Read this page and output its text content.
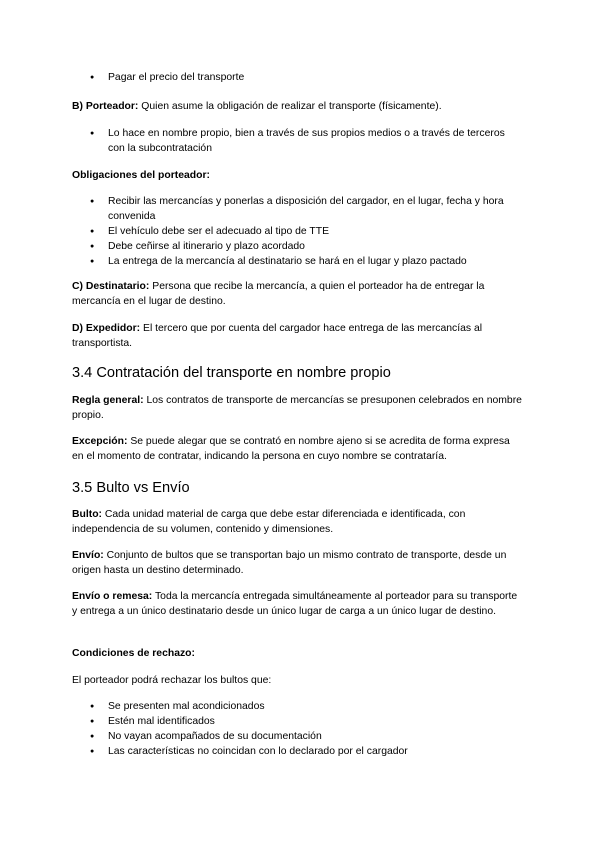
● Pagar el precio del transporte

B) Porteador: Quien asume la obligación de realizar el transporte (físicamente).

● Lo hace en nombre propio, bien a través de sus propios medios o a través de terceros con la subcontratación

Obligaciones del porteador:

● Recibir las mercancías y ponerlas a disposición del cargador, en el lugar, fecha y hora convenida
● El vehículo debe ser el adecuado al tipo de TTE
● Debe ceñirse al itinerario y plazo acordado
● La entrega de la mercancía al destinatario se hará en el lugar y plazo pactado

C) Destinatario: Persona que recibe la mercancía, a quien el porteador ha de entregar la mercancía en el lugar de destino.

D) Expedidor: El tercero que por cuenta del cargador hace entrega de las mercancías al transportista.

3.4 Contratación del transporte en nombre propio

Regla general: Los contratos de transporte de mercancías se presuponen celebrados en nombre propio.

Excepción: Se puede alegar que se contrató en nombre ajeno si se acredita de forma expresa en el momento de contratar, indicando la persona en cuyo nombre se contrataría.

3.5 Bulto vs Envío

Bulto: Cada unidad material de carga que debe estar diferenciada e identificada, con independencia de su volumen, contenido y dimensiones.

Envío: Conjunto de bultos que se transportan bajo un mismo contrato de transporte, desde un origen hasta un destino determinado.

Envío o remesa: Toda la mercancía entregada simultáneamente al porteador para su transporte y entrega a un único destinatario desde un único lugar de carga a un único lugar de destino.

Condiciones de rechazo:

El porteador podrá rechazar los bultos que:

● Se presenten mal acondicionados
● Estén mal identificados
● No vayan acompañados de su documentación
● Las características no coincidan con lo declarado por el cargador
